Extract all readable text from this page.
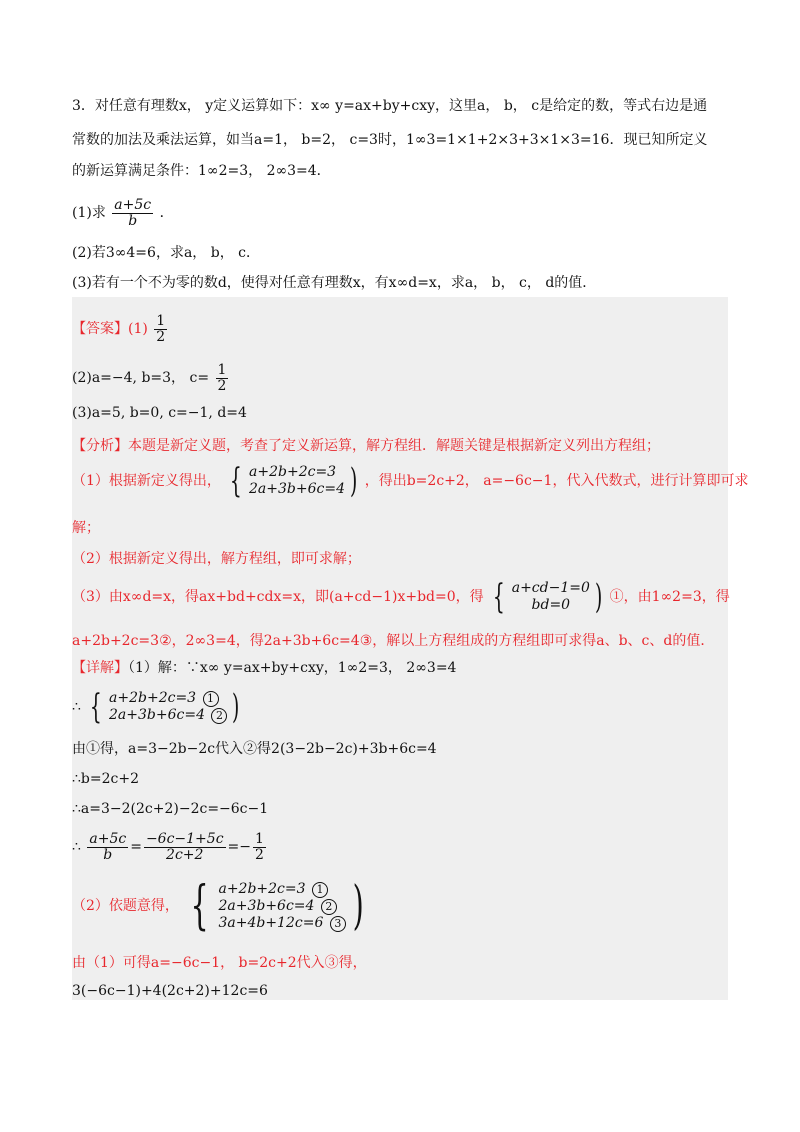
3．对任意有理数x， y定义运算如下：x∞ y=ax+by+cxy，这里a， b， c是给定的数，等式右边是通
常数的加法及乘法运算，如当a=1， b=2， c=3时，1∞3=1×1+2×3+3×1×3=16．现已知所定义
的新运算满足条件：1∞2=3， 2∞3=4．
(1)求 $\frac{a+5c}{b}$ ．
(2)若3∞4=6，求a， b， c．
(3)若有一个不为零的数d，使得对任意有理数x，有x∞d=x，求a， b， c， d的值．
【答案】$(1) \frac{1}{2}$
(2)a=−4, b=3， $c= \frac{1}{2}$
(3)a=5, b=0, c=−1, d=4
【分析】本题是新定义题，考查了定义新运算，解方程组．解题关键是根据新定义列出方程组；
（1）根据新定义得出， { a+2b+2c=3
2a+3b+6c=4 ) ，得出b=2c+2， a=−6c−1，代入代数式，进行计算即可求
解；
（2）根据新定义得出，解方程组，即可求解；
（3）由x∞d=x，得ax+bd+cdx=x，即(a+cd−1)x+bd=0，得 { a+cd−1=0
bd=0 ) ①，由1∞2=3，得
a+2b+2c=3②，2∞3=4，得2a+3b+6c=4③，解以上方程组成的方程组即可求得a、b、c、d的值．
【详解】（1）解：∵x∞ y=ax+by+cxy，1∞2=3， 2∞3=4
∴ { a+2b+2c=3 1
2a+3b+6c=4 2 )
由①得，a=3−2b−2c代入②得2(3−2b−2c)+3b+6c=4
∴b=2c+2
∴a=3−2(2c+2)−2c=−6c−1
∴ $\frac{a+5c}{b} = \frac{-6c-1+5c}{2c+2} =- \frac{1}{2}$
（2）依题意得， { a+2b+2c=3 1
2a+3b+6c=4 2
3a+4b+12c=6 3 )
由（1）可得a=−6c−1， b=2c+2代入③得，
3(−6c−1)+4(2c+2)+12c=6
